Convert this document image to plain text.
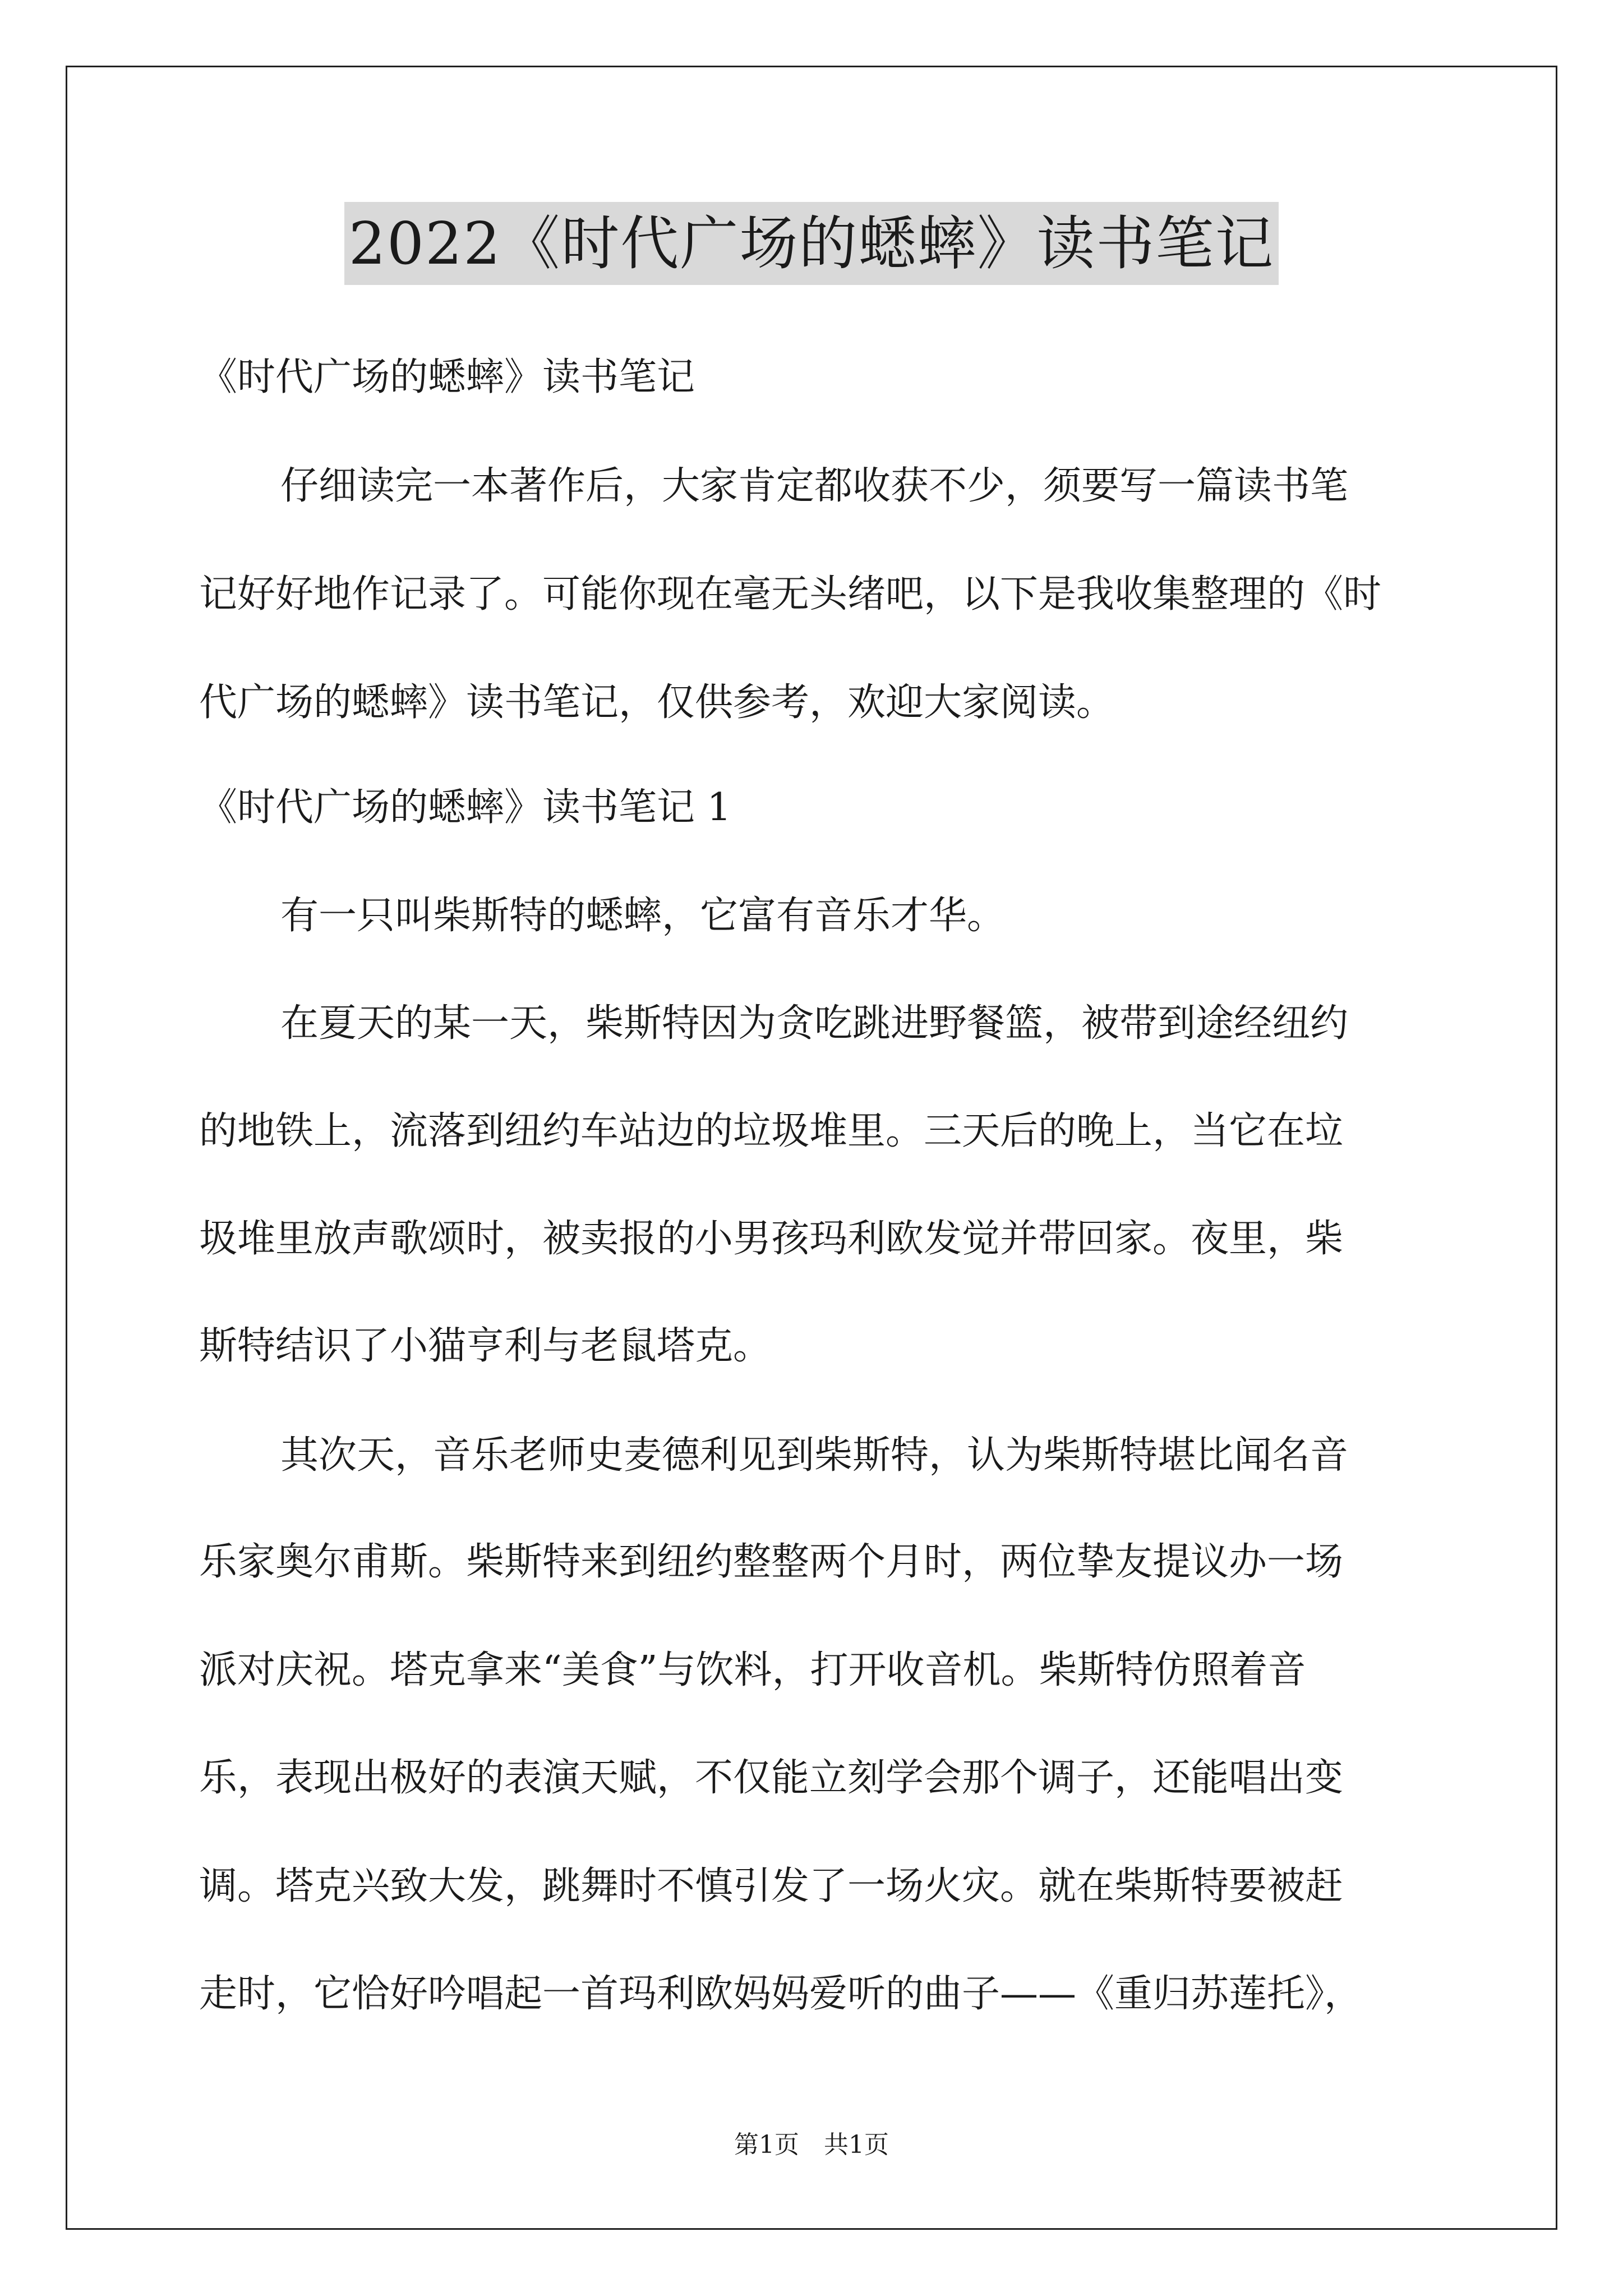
2022《时代广场的蟋蟀》读书笔记
《时代广场的蟋蟀》读书笔记
仔细读完一本著作后，大家肯定都收获不少，须要写一篇读书笔
记好好地作记录了。可能你现在毫无头绪吧，以下是我收集整理的《时
代广场的蟋蟀》读书笔记，仅供参考，欢迎大家阅读。
《时代广场的蟋蟀》读书笔记 1
有一只叫柴斯特的蟋蟀，它富有音乐才华。
在夏天的某一天，柴斯特因为贪吃跳进野餐篮，被带到途经纽约
的地铁上，流落到纽约车站边的垃圾堆里。三天后的晚上，当它在垃
圾堆里放声歌颂时，被卖报的小男孩玛利欧发觉并带回家。夜里，柴
斯特结识了小猫亨利与老鼠塔克。
其次天，音乐老师史麦德利见到柴斯特，认为柴斯特堪比闻名音
乐家奥尔甫斯。柴斯特来到纽约整整两个月时，两位挚友提议办一场
派对庆祝。塔克拿来“美食”与饮料，打开收音机。柴斯特仿照着音
乐，表现出极好的表演天赋，不仅能立刻学会那个调子，还能唱出变
调。塔克兴致大发，跳舞时不慎引发了一场火灾。就在柴斯特要被赶
走时，它恰好吟唱起一首玛利欧妈妈爱听的曲子——《重归苏莲托》，
第1页　共1页
